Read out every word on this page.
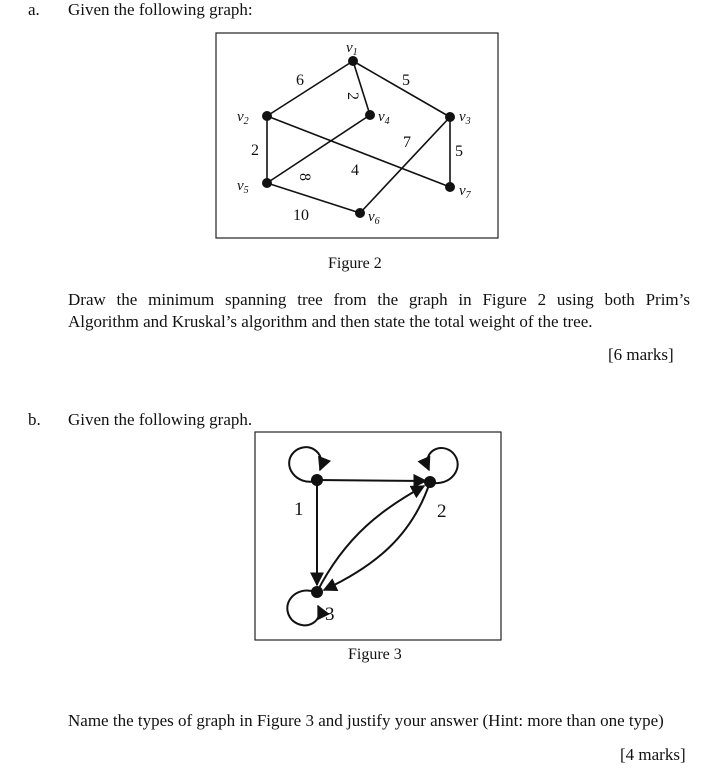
a. Given the following graph:
$v_1$
$v_2$	$v_3$
$v_4$
$v_5$
$v_6$
$v_7$
6	5
2
2
4
8
7
5
10
1	2
3
Figure 2
Draw the minimum spanning tree from the graph in Figure 2 using both Prim’s
Algorithm and Kruskal’s algorithm and then state the total weight of the tree.
[6 marks]
b. Given the following graph.
Figure 3
Name the types of graph in Figure 3 and justify your answer (Hint: more than one type)
[4 marks]
